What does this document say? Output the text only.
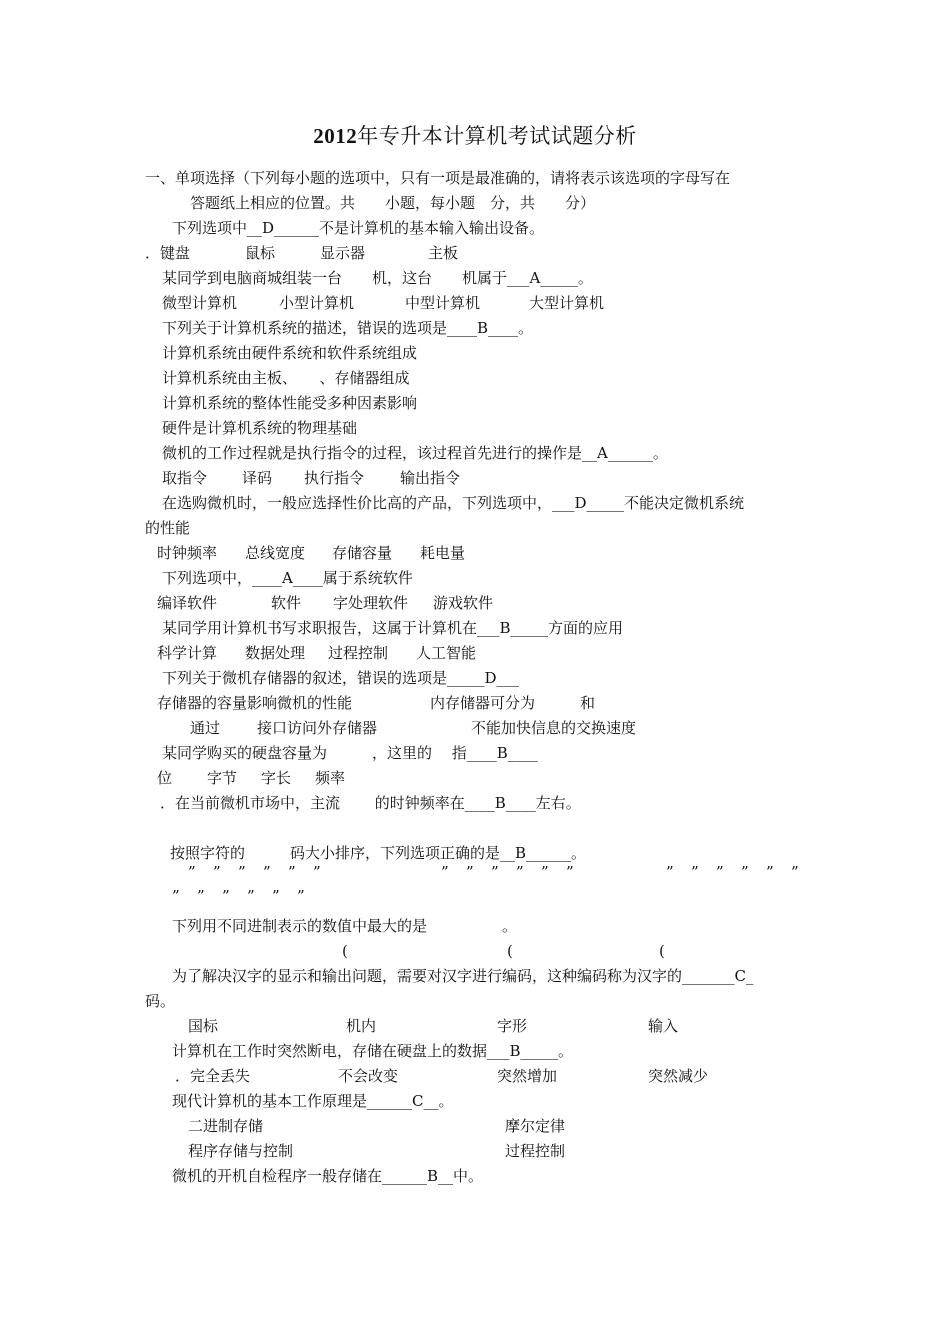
2012年专升本计算机考试试题分析
一、单项选择（下列每小题的选项中，只有一项是最准确的，请将表示该选项的字母写在
答题纸上相应的位置。共　　小题，每小题　分，共　　分）
下列选项中__D______不是计算机的基本输入输出设备。
．键盘	鼠标	显示器	主板
某同学到电脑商城组装一台　　机，这台　　机属于___A_____。
微型计算机	小型计算机	中型计算机	大型计算机
下列关于计算机系统的描述，错误的选项是____B____。
计算机系统由硬件系统和软件系统组成
计算机系统由主板、　　、存储器组成
计算机系统的整体性能受多种因素影响
硬件是计算机系统的物理基础
微机的工作过程就是执行指令的过程，该过程首先进行的操作是__A______。
取指令 译码 执行指令 输出指令
在选购微机时，一般应选择性价比高的产品，下列选项中，___D_____不能决定微机系统
的性能
时钟频率 总线宽度 存储容量 耗电量
下列选项中，____A____属于系统软件
编译软件	软件 字处理软件 游戏软件
某同学用计算机书写求职报告，这属于计算机在___B_____方面的应用
科学计算 数据处理 过程控制 人工智能
下列关于微机存储器的叙述，错误的选项是_____D___
存储器的容量影响微机的性能	内存储器可分为	和
通过 接口访问外存储器	不能加快信息的交换速度
某同学购买的硬盘容量为　　　，这里的　 指____B____
位 字节 字长 频率
．在当前微机市场中，主流　　 的时钟频率在____B____左右。
按照字符的　　　码大小排序，下列选项正确的是__B______。
” ” ” ” ” ”	” ” ” ” ” ”	” ” ” ” ” ”
” ” ” ” ” ”
下列用不同进制表示的数值中最大的是　　　　　。
(	(	(
为了解决汉字的显示和输出问题，需要对汉字进行编码，这种编码称为汉字的_______C_
码。
国标	机内	字形	输入
计算机在工作时突然断电，存储在硬盘上的数据___B_____。
．完全丢失	不会改变	突然增加	突然减少
现代计算机的基本工作原理是______C__。
二进制存储	摩尔定律
程序存储与控制	过程控制
微机的开机自检程序一般存储在______B__中。
